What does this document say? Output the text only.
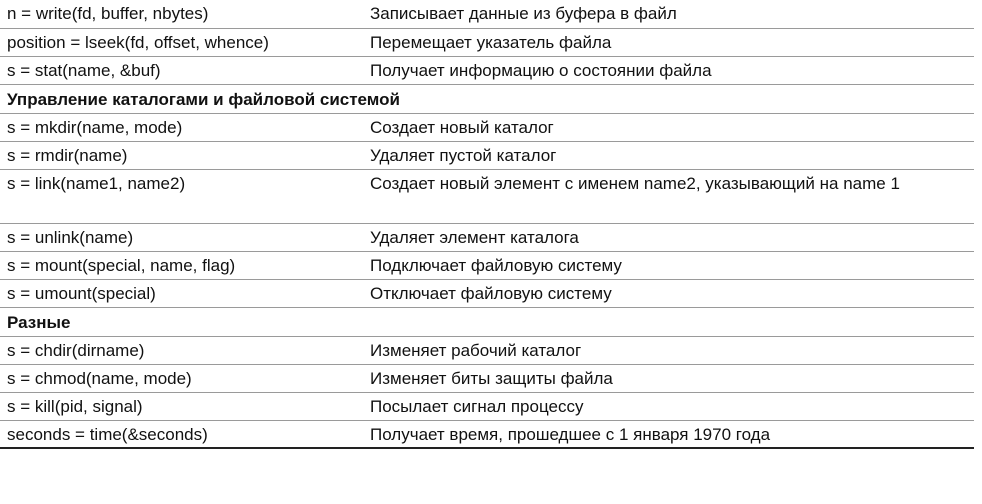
n = write(fd, buffer, nbytes)	Записывает данные из буфера в файл
position = lseek(fd, offset, whence)	Перемещает указатель файла
s = stat(name, &buf)	Получает информацию о состоянии файла
Управление каталогами и файловой системой	
s = mkdir(name, mode)	Создает новый каталог
s = rmdir(name)	Удаляет пустой каталог
s = link(name1, name2)	Создает новый элемент с именем name2, указывающий на name 1
s = unlink(name)	Удаляет элемент каталога
s = mount(special, name, flag)	Подключает файловую систему
s = umount(special)	Отключает файловую систему
Разные	
s = chdir(dirname)	Изменяет рабочий каталог
s = chmod(name, mode)	Изменяет биты защиты файла
s = kill(pid, signal)	Посылает сигнал процессу
seconds = time(&seconds)	Получает время, прошедшее с 1 января 1970 года
